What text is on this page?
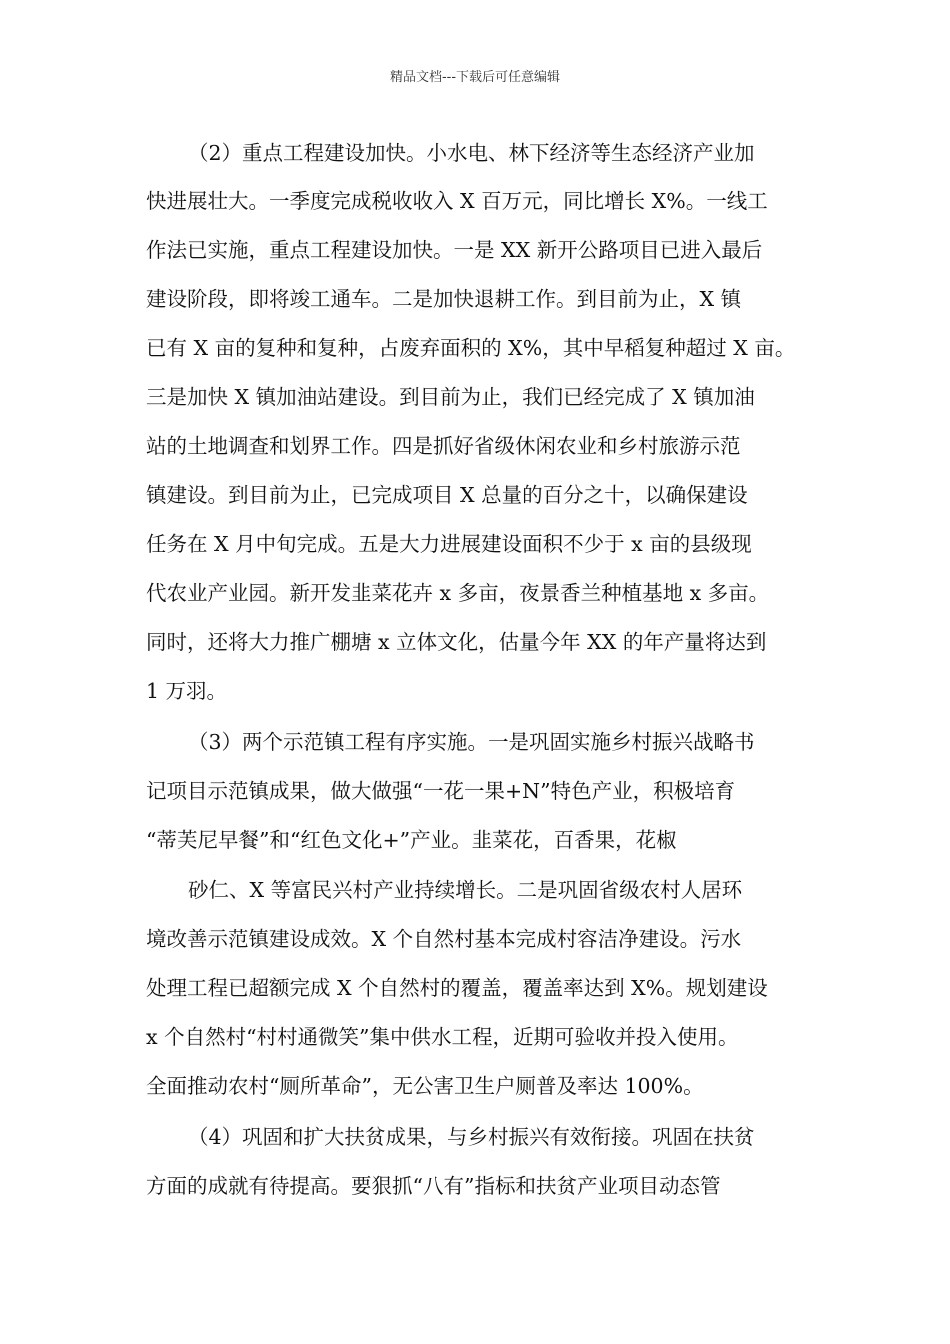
精品文档---下载后可任意编辑
（2）重点工程建设加快。小水电、林下经济等生态经济产业加
快进展壮大。一季度完成税收收入 X 百万元，同比增长 X%。一线工
作法已实施，重点工程建设加快。一是 XX 新开公路项目已进入最后
建设阶段，即将竣工通车。二是加快退耕工作。到目前为止，X 镇
已有 X 亩的复种和复种，占废弃面积的 X%，其中早稻复种超过 X 亩。
三是加快 X 镇加油站建设。到目前为止，我们已经完成了 X 镇加油
站的土地调查和划界工作。四是抓好省级休闲农业和乡村旅游示范
镇建设。到目前为止，已完成项目 X 总量的百分之十，以确保建设
任务在 X 月中旬完成。五是大力进展建设面积不少于 x 亩的县级现
代农业产业园。新开发韭菜花卉 x 多亩，夜景香兰种植基地 x 多亩。
同时，还将大力推广棚塘 x 立体文化，估量今年 XX 的年产量将达到
1 万羽。
（3）两个示范镇工程有序实施。一是巩固实施乡村振兴战略书
记项目示范镇成果，做大做强“一花一果+N”特色产业，积极培育
“蒂芙尼早餐”和“红色文化+”产业。韭菜花，百香果，花椒
砂仁、X 等富民兴村产业持续增长。二是巩固省级农村人居环
境改善示范镇建设成效。X 个自然村基本完成村容洁净建设。污水
处理工程已超额完成 X 个自然村的覆盖，覆盖率达到 X%。规划建设
x 个自然村“村村通微笑”集中供水工程，近期可验收并投入使用。
全面推动农村“厕所革命”，无公害卫生户厕普及率达 100%。
（4）巩固和扩大扶贫成果，与乡村振兴有效衔接。巩固在扶贫
方面的成就有待提高。要狠抓“八有”指标和扶贫产业项目动态管
